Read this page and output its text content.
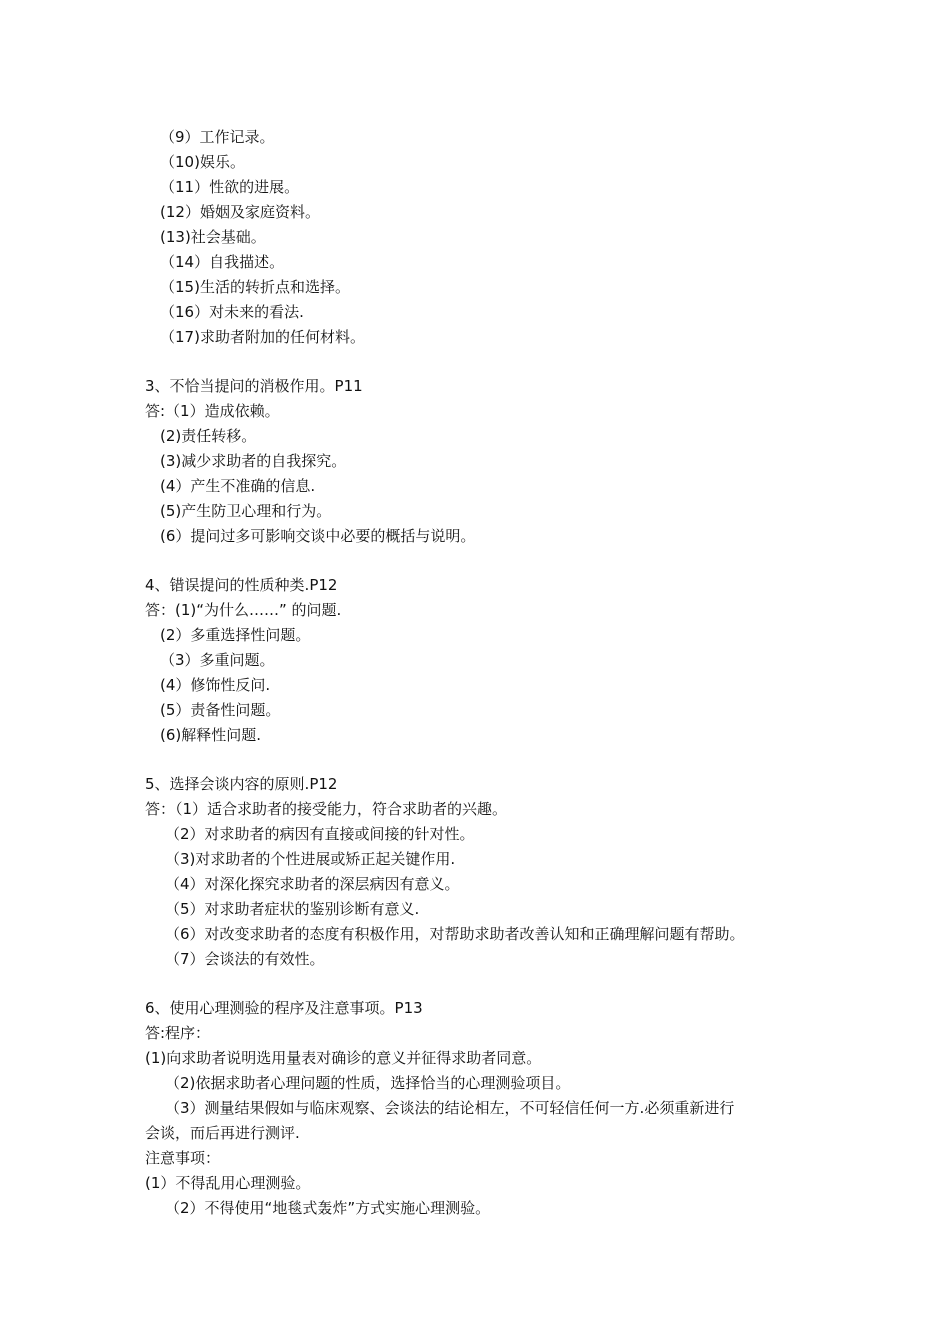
（9）工作记录。
（10)娱乐。
（11）性欲的进展。
(12）婚姻及家庭资料。
(13)社会基础。
（14）自我描述。
（15)生活的转折点和选择。
（16）对未来的看法.
（17)求助者附加的任何材料。
3、不恰当提问的消极作用。P11
答:（1）造成依赖。
(2)责任转移。
(3)减少求助者的自我探究。
(4）产生不准确的信息.
(5)产生防卫心理和行为。
(6）提问过多可影响交谈中必要的概括与说明。
4、错误提问的性质种类.P12
答：(1)“为什么……” 的问题.
(2）多重选择性问题。
（3）多重问题。
(4）修饰性反问.
(5）责备性问题。
(6)解释性问题.
5、选择会谈内容的原则.P12
答：（1）适合求助者的接受能力，符合求助者的兴趣。
（2）对求助者的病因有直接或间接的针对性。
（3)对求助者的个性进展或矫正起关键作用.
（4）对深化探究求助者的深层病因有意义。
（5）对求助者症状的鉴别诊断有意义.
（6）对改变求助者的态度有积极作用，对帮助求助者改善认知和正确理解问题有帮助。
（7）会谈法的有效性。
6、使用心理测验的程序及注意事项。P13
答:程序：
(1)向求助者说明选用量表对确诊的意义并征得求助者同意。
（2)依据求助者心理问题的性质，选择恰当的心理测验项目。
（3）测量结果假如与临床观察、会谈法的结论相左，不可轻信任何一方.必须重新进行
会谈，而后再进行测评.
注意事项：
(1）不得乱用心理测验。
（2）不得使用“地毯式轰炸”方式实施心理测验。
